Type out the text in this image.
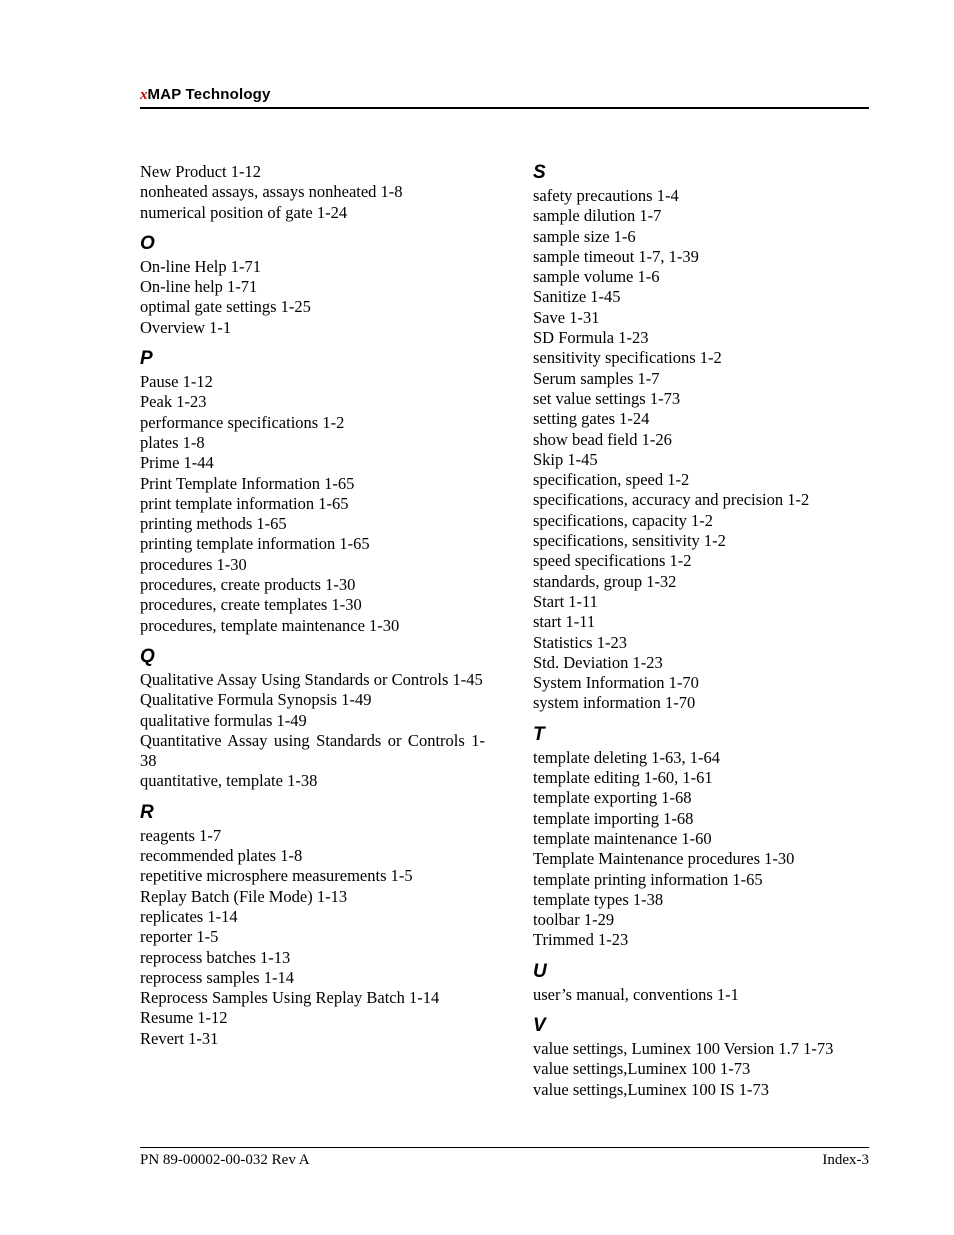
xMAP Technology
New Product 1-12
nonheated assays, assays nonheated 1-8
numerical position of gate 1-24
O
On-line Help 1-71
On-line help 1-71
optimal gate settings 1-25
Overview 1-1
P
Pause 1-12
Peak 1-23
performance specifications 1-2
plates 1-8
Prime 1-44
Print Template Information 1-65
print template information 1-65
printing methods 1-65
printing template information 1-65
procedures 1-30
procedures, create products 1-30
procedures, create templates 1-30
procedures, template maintenance 1-30
Q
Qualitative Assay Using Standards or Controls 1-45
Qualitative Formula Synopsis 1-49
qualitative formulas 1-49
Quantitative Assay using Standards or Controls 1-38
quantitative, template 1-38
R
reagents 1-7
recommended plates 1-8
repetitive microsphere measurements 1-5
Replay Batch (File Mode) 1-13
replicates 1-14
reporter 1-5
reprocess batches 1-13
reprocess samples 1-14
Reprocess Samples Using Replay Batch 1-14
Resume 1-12
Revert 1-31
S
safety precautions 1-4
sample dilution 1-7
sample size 1-6
sample timeout 1-7, 1-39
sample volume 1-6
Sanitize 1-45
Save 1-31
SD Formula 1-23
sensitivity specifications 1-2
Serum samples 1-7
set value settings 1-73
setting gates 1-24
show bead field 1-26
Skip 1-45
specification, speed 1-2
specifications, accuracy and precision 1-2
specifications, capacity 1-2
specifications, sensitivity 1-2
speed specifications 1-2
standards, group 1-32
Start 1-11
start 1-11
Statistics 1-23
Std. Deviation 1-23
System Information 1-70
system information 1-70
T
template deleting 1-63, 1-64
template editing 1-60, 1-61
template exporting 1-68
template importing 1-68
template maintenance 1-60
Template Maintenance procedures 1-30
template printing information 1-65
template types 1-38
toolbar 1-29
Trimmed 1-23
U
user’s manual, conventions 1-1
V
value settings, Luminex 100 Version 1.7 1-73
value settings,Luminex 100 1-73
value settings,Luminex 100 IS 1-73
PN 89-00002-00-032 Rev A	Index-3
